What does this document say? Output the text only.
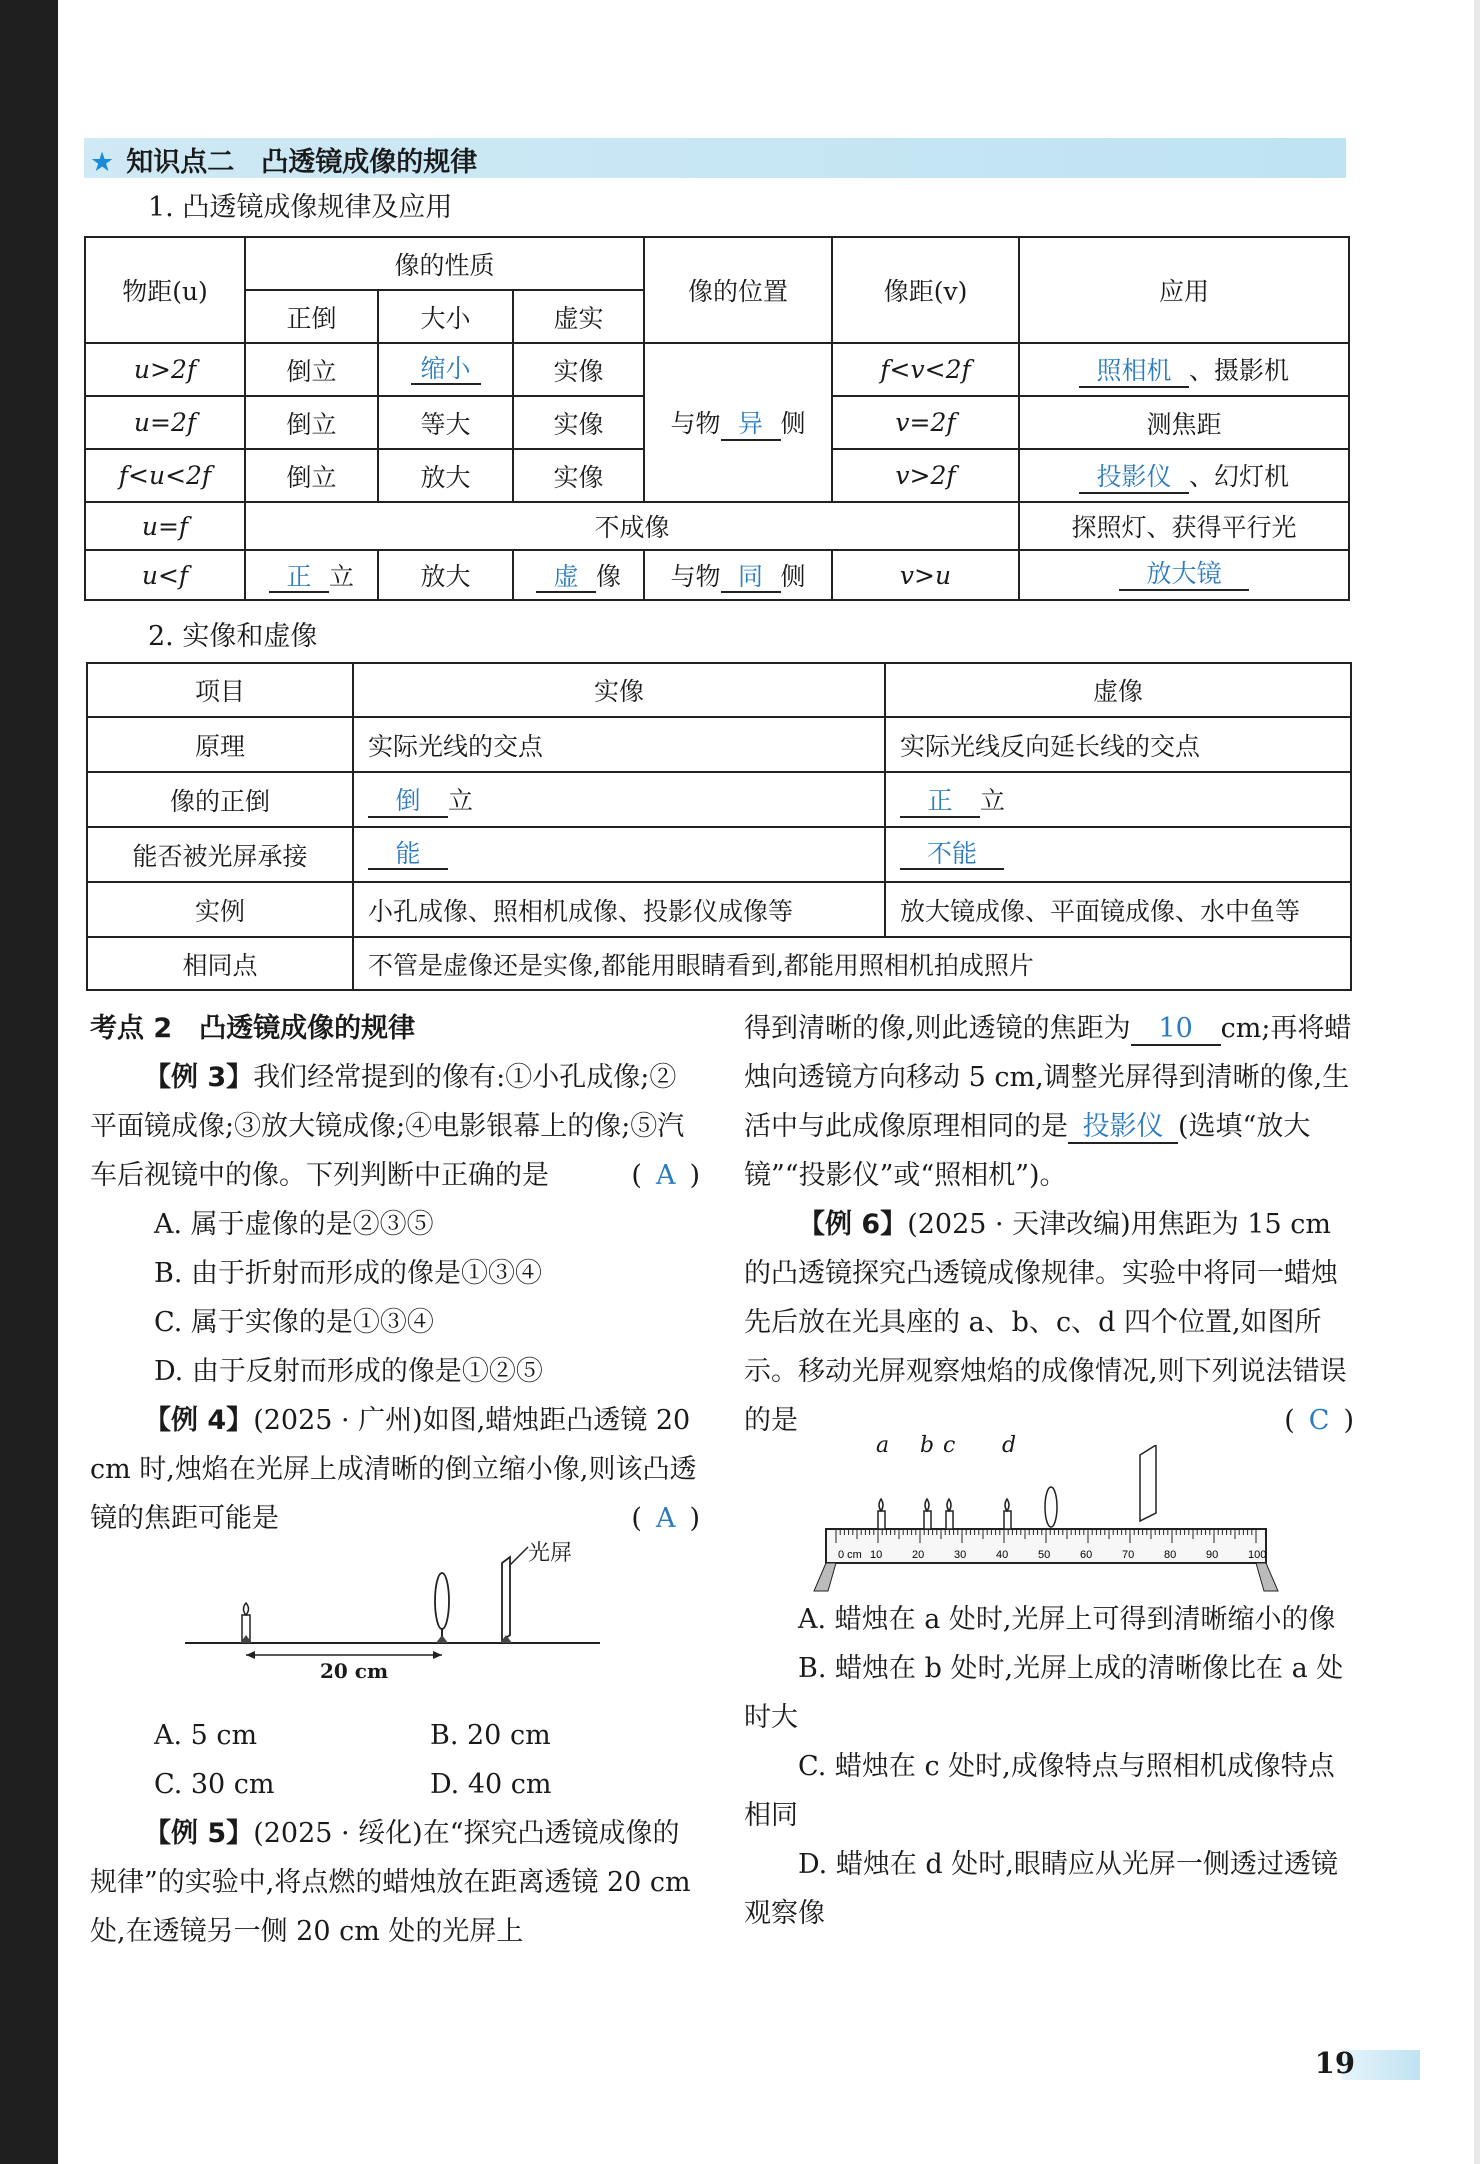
★ 知识点二　凸透镜成像的规律
1. 凸透镜成像规律及应用
物距(u)	像的性质			像的位置	像距(v)	应用
	正倒	大小	虚实			
u>2f	倒立	缩小	实像	与物 异 侧	f<v<2f	照相机 、摄影机
u=2f	倒立	等大	实像		v=2f	测焦距
f<u<2f	倒立	放大	实像		v>2f	投影仪 、幻灯机
u=f	不成像					探照灯、获得平行光
u<f	正 立	放大	虚 像	与物 同 侧	v>u	放大镜
2. 实像和虚像
项目	实像	虚像
原理	实际光线的交点	实际光线反向延长线的交点
像的正倒	倒 立	正 立
能否被光屏承接	能	不能
实例	小孔成像、照相机成像、投影仪成像等	放大镜成像、平面镜成像、水中鱼等
相同点	不管是虚像还是实像,都能用眼睛看到,都能用照相机拍成照片	
考点 2　凸透镜成像的规律

【例 3】我们经常提到的像有:①小孔成像;②平面镜成像;③放大镜成像;④电影银幕上的像;⑤汽车后视镜中的像。下列判断中正确的是	( A )

A. 属于虚像的是②③⑤

B. 由于折射而形成的像是①③④

C. 属于实像的是①③④

D. 由于反射而形成的像是①②⑤

【例 4】(2025 · 广州)如图,蜡烛距凸透镜 20 cm 时,烛焰在光屏上成清晰的倒立缩小像,则该凸透镜的焦距可能是	( A )

光屏
20 cm
A. 5 cm	B. 20 cm
C. 30 cm	D. 40 cm

【例 5】(2025 · 绥化)在“探究凸透镜成像的规律”的实验中,将点燃的蜡烛放在距离透镜 20 cm 处,在透镜另一侧 20 cm 处的光屏上

得到清晰的像,则此透镜的焦距为 10 cm;再将蜡烛向透镜方向移动 5 cm,调整光屏得到清晰的像,生活中与此成像原理相同的是 投影仪 (选填“放大镜”“投影仪”或“照相机”)。

【例 6】(2025 · 天津改编)用焦距为 15 cm 的凸透镜探究凸透镜成像规律。实验中将同一蜡烛先后放在光具座的 a、b、c、d 四个位置,如图所示。移动光屏观察烛焰的成像情况,则下列说法错误的是	( C )

0 cm 10	20	30	40	50	60	70	80	90	100
a b c d

A. 蜡烛在 a 处时,光屏上可得到清晰缩小的像

B. 蜡烛在 b 处时,光屏上成的清晰像比在 a 处时大

C. 蜡烛在 c 处时,成像特点与照相机成像特点相同

D. 蜡烛在 d 处时,眼睛应从光屏一侧透过透镜观察像

19
